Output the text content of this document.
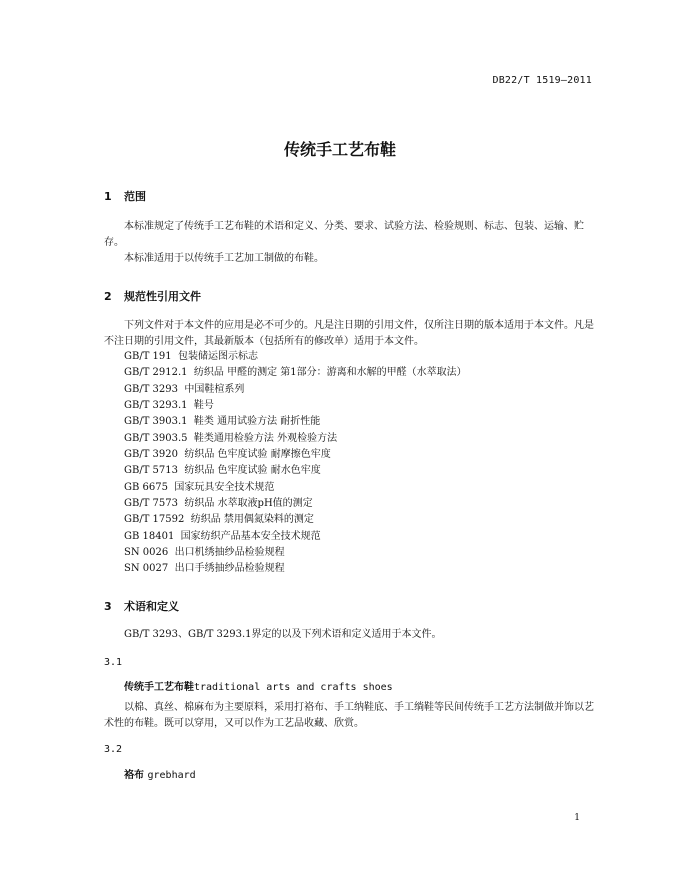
DB22/T 1519—2011
传统手工艺布鞋
1 范围
本标准规定了传统手工艺布鞋的术语和定义、分类、要求、试验方法、检验规则、标志、包装、运输、贮存。
本标准适用于以传统手工艺加工制做的布鞋。
2 规范性引用文件
下列文件对于本文件的应用是必不可少的。凡是注日期的引用文件，仅所注日期的版本适用于本文件。凡是不注日期的引用文件，其最新版本（包括所有的修改单）适用于本文件。
GB/T 191  包装储运图示标志
GB/T 2912.1  纺织品 甲醛的测定 第1部分：游离和水解的甲醛（水萃取法）
GB/T 3293  中国鞋楦系列
GB/T 3293.1  鞋号
GB/T 3903.1  鞋类 通用试验方法 耐折性能
GB/T 3903.5  鞋类通用检验方法 外观检验方法
GB/T 3920  纺织品 色牢度试验 耐摩擦色牢度
GB/T 5713  纺织品 色牢度试验 耐水色牢度
GB 6675  国家玩具安全技术规范
GB/T 7573  纺织品 水萃取液pH值的测定
GB/T 17592  纺织品 禁用偶氮染料的测定
GB 18401  国家纺织产品基本安全技术规范
SN 0026  出口机绣抽纱品检验规程
SN 0027  出口手绣抽纱品检验规程
3 术语和定义
GB/T 3293、GB/T 3293.1界定的以及下列术语和定义适用于本文件。
3.1
传统手工艺布鞋traditional arts and crafts shoes
以棉、真丝、棉麻布为主要原料，采用打袼布、手工纳鞋底、手工绱鞋等民间传统手工艺方法制做并饰以艺术性的布鞋。既可以穿用，又可以作为工艺品收藏、欣赏。
3.2
袼布 grebhard
1
